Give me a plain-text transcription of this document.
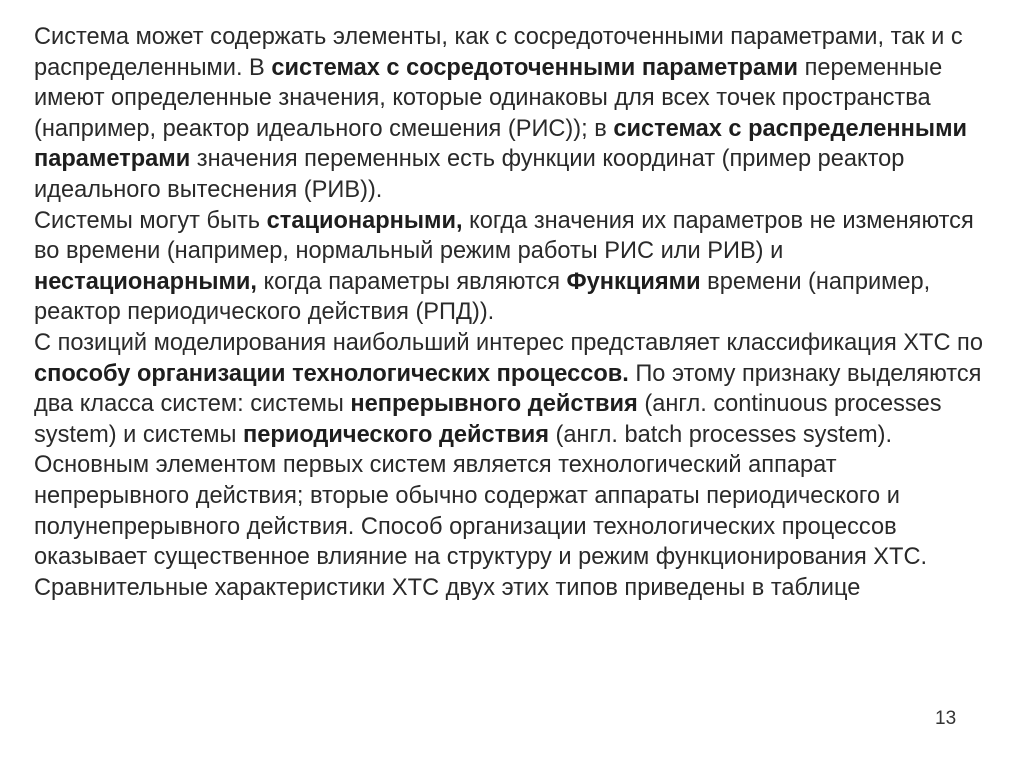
Система может содержать элементы, как с сосредоточенными параметрами, так и с распределенными. В системах с сосредоточенными параметрами переменные имеют определенные значения, которые одинаковы для всех точек пространства (например, реактор идеального смешения (РИС)); в системах с распределенными параметрами значения переменных есть функции координат (пример реактор идеального вытеснения (РИВ)).

Системы могут быть стационарными, когда значения их параметров не изменяются во времени (например, нормальный режим работы РИС или РИВ) и нестационарными, когда параметры являются Функциями времени (например, реактор периодического действия (РПД)).

С позиций моделирования наибольший интерес представляет классификация ХТС по способу организации технологических процессов. По этому признаку выделяются два класса систем: системы непрерывного действия (англ. continuous processes system) и системы периодического действия (англ. batch processes system).

Основным элементом первых систем является технологический аппарат непрерывного действия; вторые обычно содержат аппараты периодического и полунепрерывного действия. Способ организации технологических процессов оказывает существенное влияние на структуру и режим функционирования ХТС. Сравнительные характеристики ХТС двух этих типов приведены в таблице

13
